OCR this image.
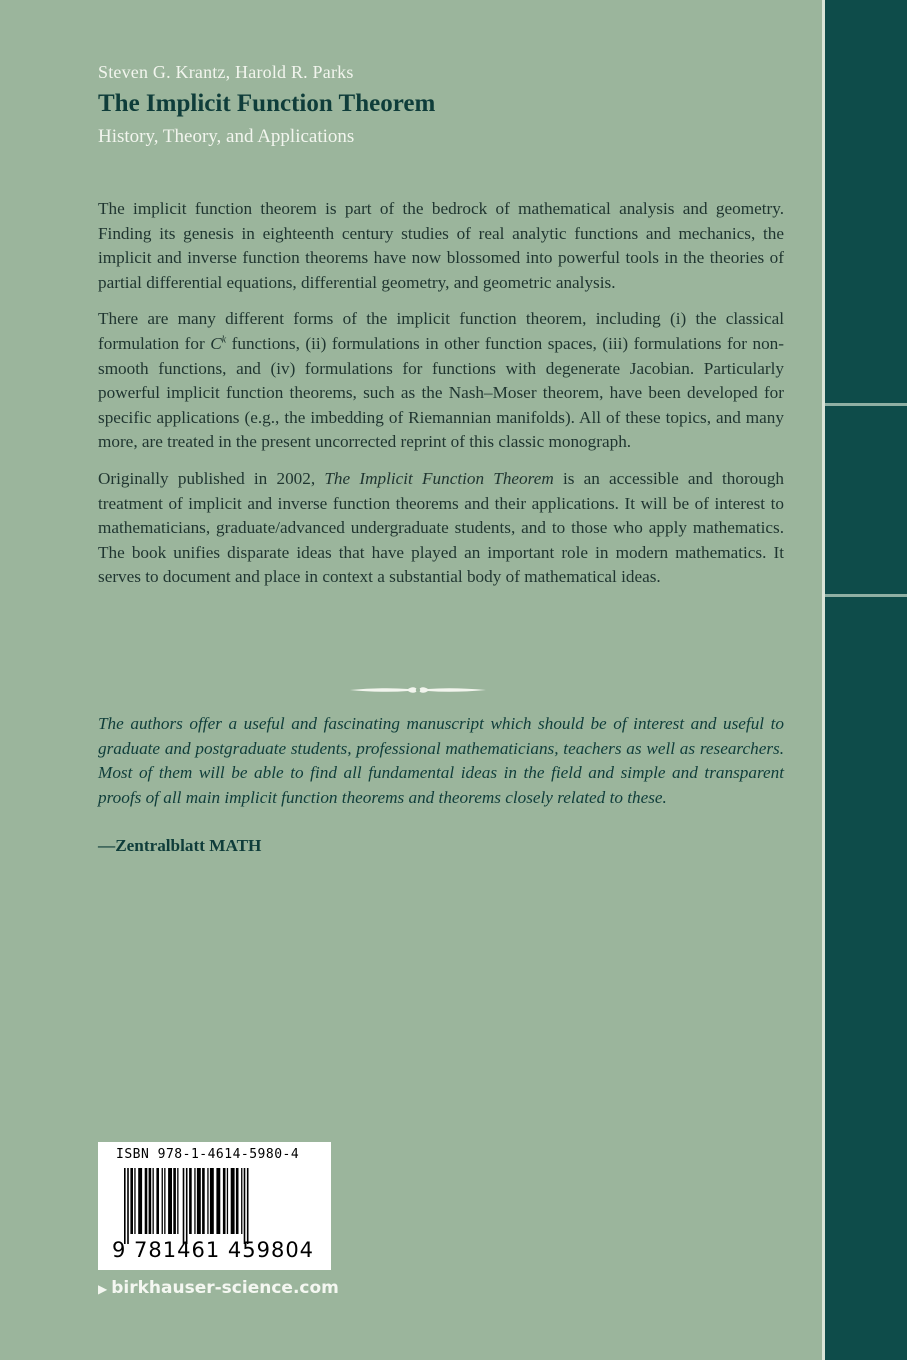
Steven G. Krantz, Harold R. Parks
The Implicit Function Theorem
History, Theory, and Applications

The implicit function theorem is part of the bedrock of mathematical analysis and geometry. Finding its genesis in eighteenth century studies of real analytic functions and mechanics, the implicit and inverse function theorems have now blossomed into powerful tools in the theories of partial differential equations, differential geometry, and geometric analysis.

There are many different forms of the implicit function theorem, including (i) the classical formulation for $C^k$ functions, (ii) formulations in other function spaces, (iii) formulations for non-smooth functions, and (iv) formulations for functions with degenerate Jacobian. Particularly powerful implicit function theorems, such as the Nash–Moser theorem, have been developed for specific applications (e.g., the imbedding of Riemannian manifolds). All of these topics, and many more, are treated in the present uncorrected reprint of this classic monograph.

Originally published in 2002, The Implicit Function Theorem is an accessible and thorough treatment of implicit and inverse function theorems and their applications. It will be of interest to mathematicians, graduate/advanced undergraduate students, and to those who apply mathematics. The book unifies disparate ideas that have played an important role in modern mathematics. It serves to document and place in context a substantial body of mathematical ideas.

The authors offer a useful and fascinating manuscript which should be of interest and useful to graduate and postgraduate students, professional mathematicians, teachers as well as researchers. Most of them will be able to find all fundamental ideas in the field and simple and transparent proofs of all main implicit function theorems and theorems closely related to these.
—Zentralblatt MATH
ISBN 978-1-4614-5980-4
9 781461 459804
▶ birkhauser-science.com
